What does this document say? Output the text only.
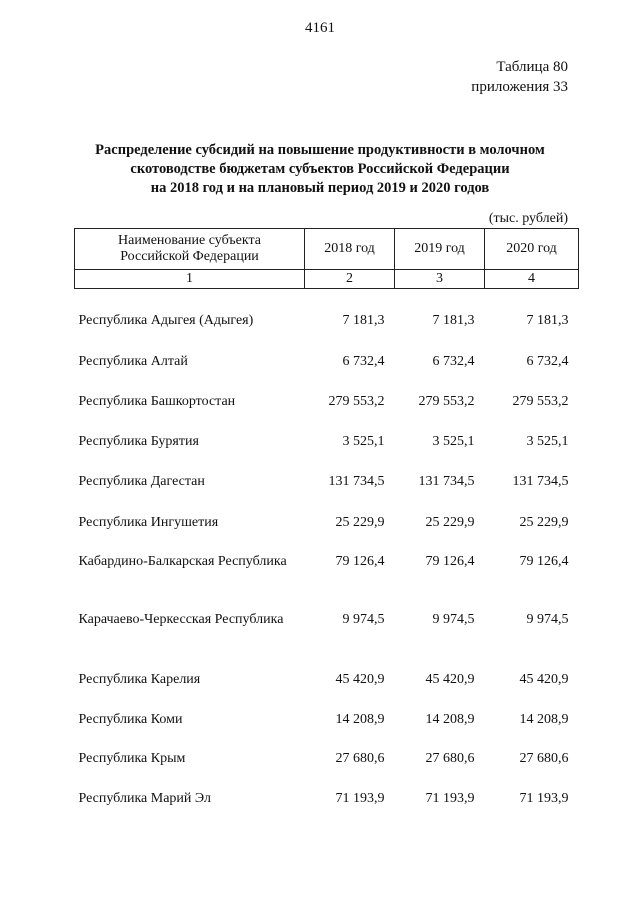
4161
Таблица 80
приложения 33
Распределение субсидий на повышение продуктивности в молочном
скотоводстве бюджетам субъектов Российской Федерации
на 2018 год и на плановый период 2019 и 2020 годов
(тыс. рублей)
Наименование субъекта
Российской Федерации	2018 год	2019 год	2020 год
1	2	3	4

Республика Адыгея (Адыгея)	7 181,3	7 181,3	7 181,3
Республика Алтай	6 732,4	6 732,4	6 732,4
Республика Башкортостан	279 553,2	279 553,2	279 553,2
Республика Бурятия	3 525,1	3 525,1	3 525,1
Республика Дагестан	131 734,5	131 734,5	131 734,5
Республика Ингушетия	25 229,9	25 229,9	25 229,9
Кабардино-Балкарская Республика	79 126,4	79 126,4	79 126,4
Карачаево-Черкесская Республика	9 974,5	9 974,5	9 974,5
Республика Карелия	45 420,9	45 420,9	45 420,9
Республика Коми	14 208,9	14 208,9	14 208,9
Республика Крым	27 680,6	27 680,6	27 680,6
Республика Марий Эл	71 193,9	71 193,9	71 193,9
